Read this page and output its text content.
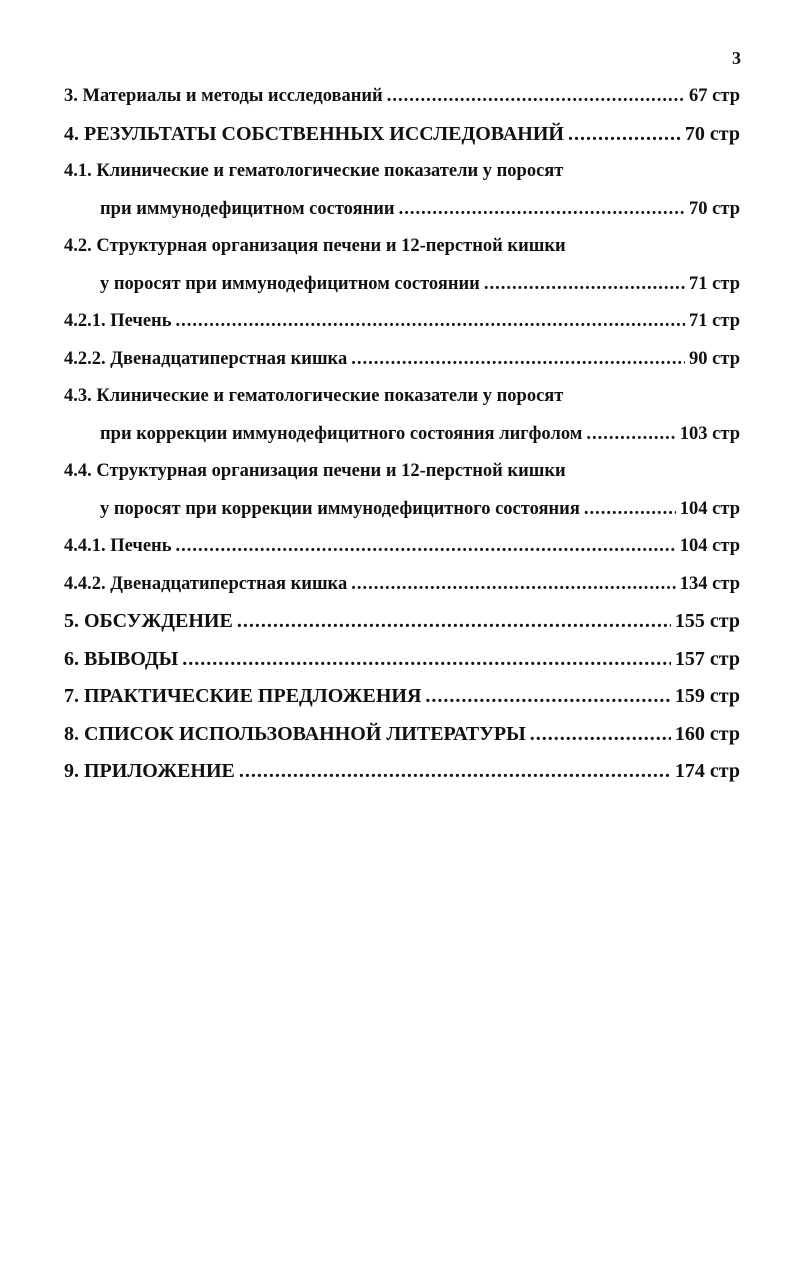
3
3. Материалы и методы исследований .....	67 стр
4. РЕЗУЛЬТАТЫ СОБСТВЕННЫХ ИССЛЕДОВАНИЙ .....	70 стр
4.1. Клинические и гематологические показатели у поросят
при иммунодефицитном состоянии .....	70 стр
4.2. Структурная организация печени и 12-перстной кишки
у поросят при иммунодефицитном состоянии .....	71 стр
4.2.1. Печень .....	71 стр
4.2.2. Двенадцатиперстная кишка .....	90 стр
4.3. Клинические и гематологические показатели у поросят
при коррекции иммунодефицитного состояния лигфолом .....	103 стр
4.4. Структурная организация печени и 12-перстной кишки
у поросят при коррекции иммунодефицитного состояния .....	104 стр
4.4.1. Печень .....	104 стр
4.4.2. Двенадцатиперстная кишка .....	134 стр
5. ОБСУЖДЕНИЕ .....	155 стр
6. ВЫВОДЫ .....	157 стр
7. ПРАКТИЧЕСКИЕ ПРЕДЛОЖЕНИЯ .....	159 стр
8. СПИСОК ИСПОЛЬЗОВАННОЙ ЛИТЕРАТУРЫ .....	160 стр
9. ПРИЛОЖЕНИЕ .....	174 стр
